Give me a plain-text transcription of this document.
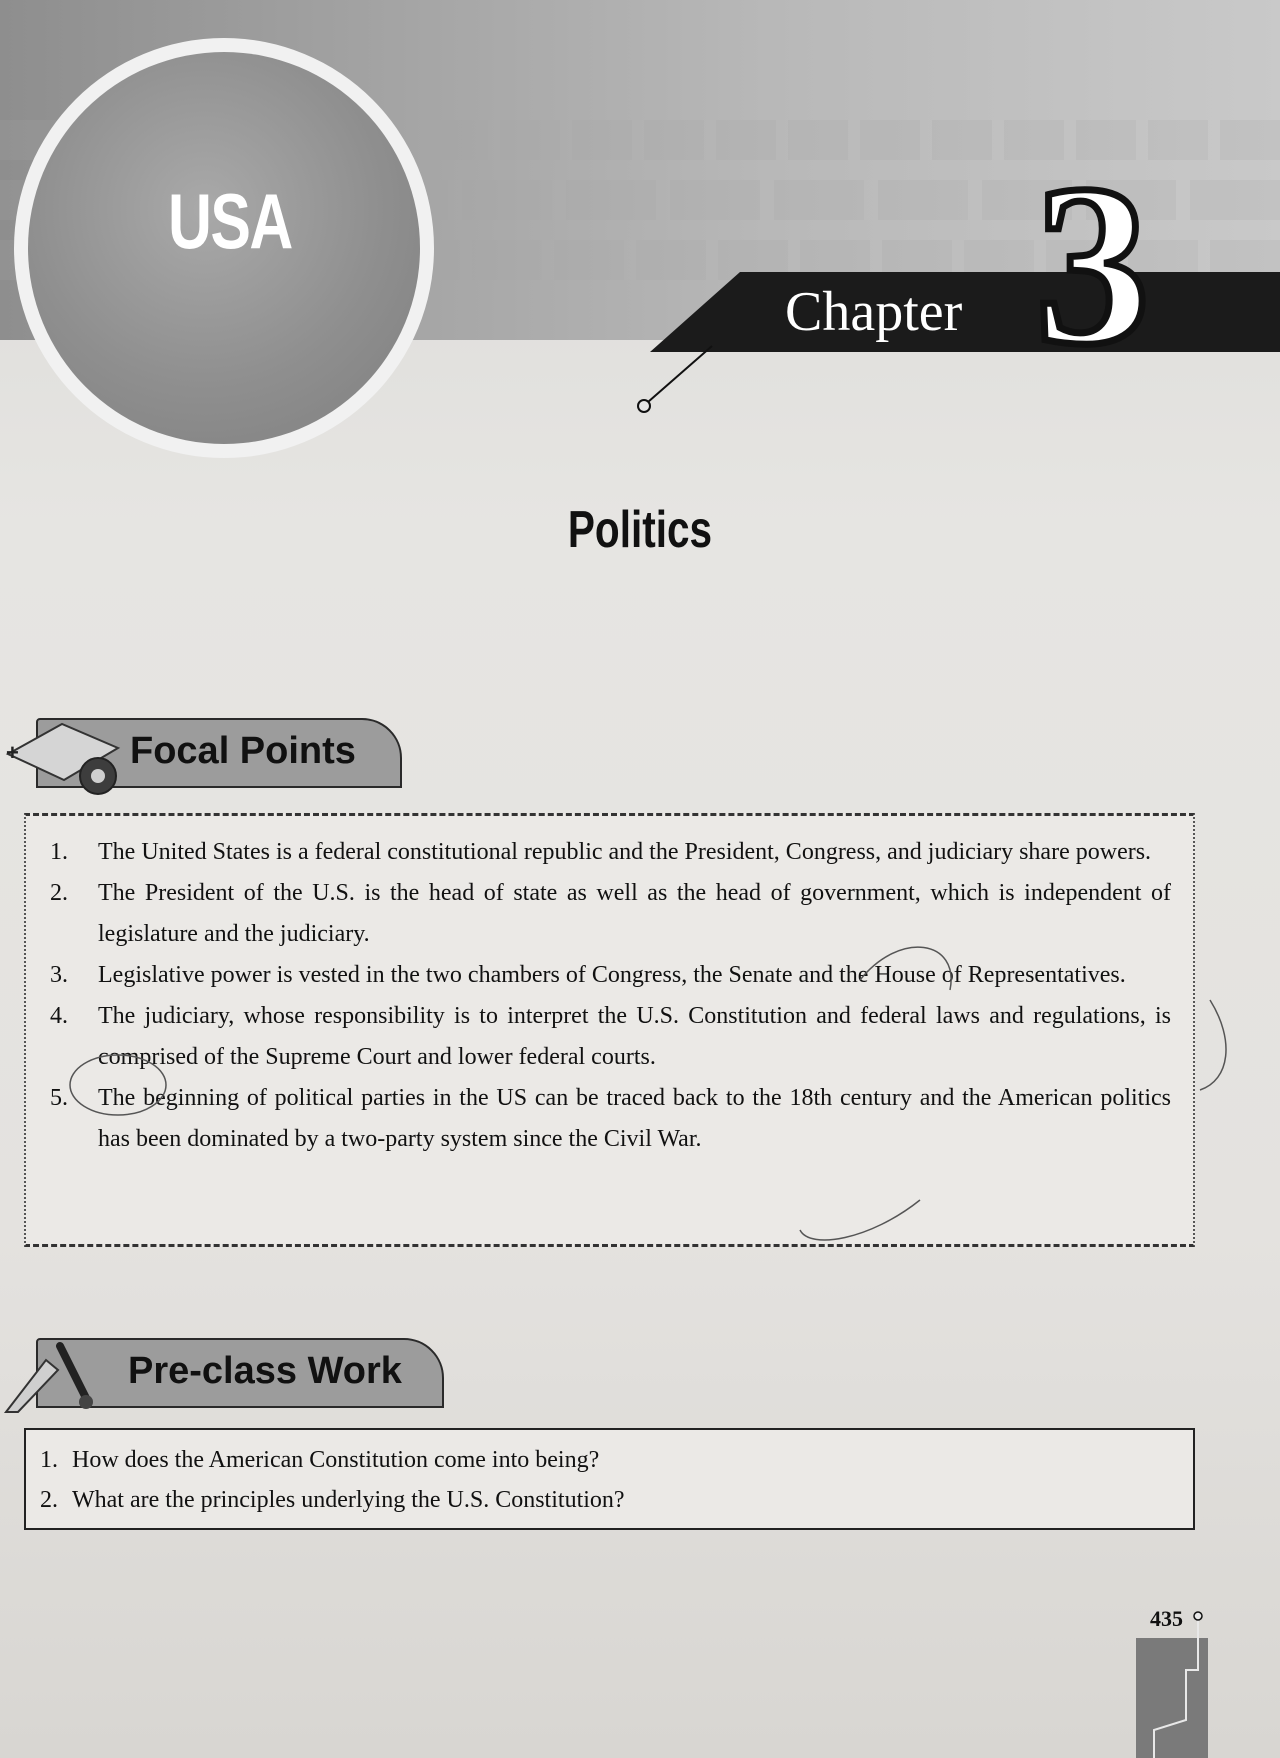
USA
Chapter 3
Politics
Focal Points
+
1. The United States is a federal constitutional republic and the President, Congress, and judiciary share powers.
2. The President of the U.S. is the head of state as well as the head of government, which is independent of legislature and the judiciary.
3. Legislative power is vested in the two chambers of Congress, the Senate and the House of Representatives.
4. The judiciary, whose responsibility is to interpret the U.S. Constitution and federal laws and regulations, is comprised of the Supreme Court and lower federal courts.
5. The beginning of political parties in the US can be traced back to the 18th century and the American politics has been dominated by a two-party system since the Civil War.
Pre-class Work
1. How does the American Constitution come into being?
2. What are the principles underlying the U.S. Constitution?
435
